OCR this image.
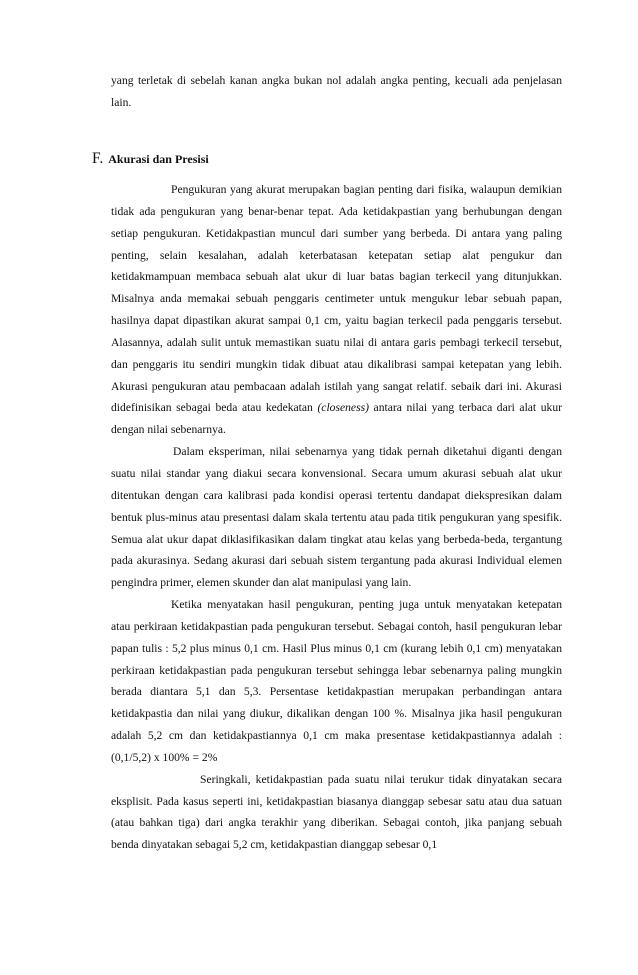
yang terletak di sebelah kanan angka bukan nol adalah angka penting, kecuali ada penjelasan lain.

F. Akurasi dan Presisi

Pengukuran yang akurat merupakan bagian penting dari fisika, walaupun demikian tidak ada pengukuran yang benar-benar tepat. Ada ketidakpastian yang berhubungan dengan setiap pengukuran. Ketidakpastian muncul dari sumber yang berbeda. Di antara yang paling penting, selain kesalahan, adalah keterbatasan ketepatan setiap alat pengukur dan ketidakmampuan membaca sebuah alat ukur di luar batas bagian terkecil yang ditunjukkan. Misalnya anda memakai sebuah penggaris centimeter untuk mengukur lebar sebuah papan, hasilnya dapat dipastikan akurat sampai 0,1 cm, yaitu bagian terkecil pada penggaris tersebut. Alasannya, adalah sulit untuk memastikan suatu nilai di antara garis pembagi terkecil tersebut, dan penggaris itu sendiri mungkin tidak dibuat atau dikalibrasi sampai ketepatan yang lebih. Akurasi pengukuran atau pembacaan adalah istilah yang sangat relatif. sebaik dari ini. Akurasi didefinisikan sebagai beda atau kedekatan (closeness) antara nilai yang terbaca dari alat ukur dengan nilai sebenarnya.

Dalam eksperiman, nilai sebenarnya yang tidak pernah diketahui diganti dengan suatu nilai standar yang diakui secara konvensional. Secara umum akurasi sebuah alat ukur ditentukan dengan cara kalibrasi pada kondisi operasi tertentu dandapat diekspresikan dalam bentuk plus-minus atau presentasi dalam skala tertentu atau pada titik pengukuran yang spesifik. Semua alat ukur dapat diklasifikasikan dalam tingkat atau kelas yang berbeda-beda, tergantung pada akurasinya. Sedang akurasi dari sebuah sistem tergantung pada akurasi Individual elemen pengindra primer, elemen skunder dan alat manipulasi yang lain.

Ketika menyatakan hasil pengukuran, penting juga untuk menyatakan ketepatan atau perkiraan ketidakpastian pada pengukuran tersebut. Sebagai contoh, hasil pengukuran lebar papan tulis : 5,2 plus minus 0,1 cm. Hasil Plus minus 0,1 cm (kurang lebih 0,1 cm) menyatakan perkiraan ketidakpastian pada pengukuran tersebut sehingga lebar sebenarnya paling mungkin berada diantara 5,1 dan 5,3. Persentase ketidakpastian merupakan perbandingan antara ketidakpastia dan nilai yang diukur, dikalikan dengan 100 %. Misalnya jika hasil pengukuran adalah 5,2 cm dan ketidakpastiannya 0,1 cm maka presentase ketidakpastiannya adalah : (0,1/5,2) x 100% = 2%

Seringkali, ketidakpastian pada suatu nilai terukur tidak dinyatakan secara eksplisit. Pada kasus seperti ini, ketidakpastian biasanya dianggap sebesar satu atau dua satuan (atau bahkan tiga) dari angka terakhir yang diberikan. Sebagai contoh, jika panjang sebuah benda dinyatakan sebagai 5,2 cm, ketidakpastian dianggap sebesar 0,1
